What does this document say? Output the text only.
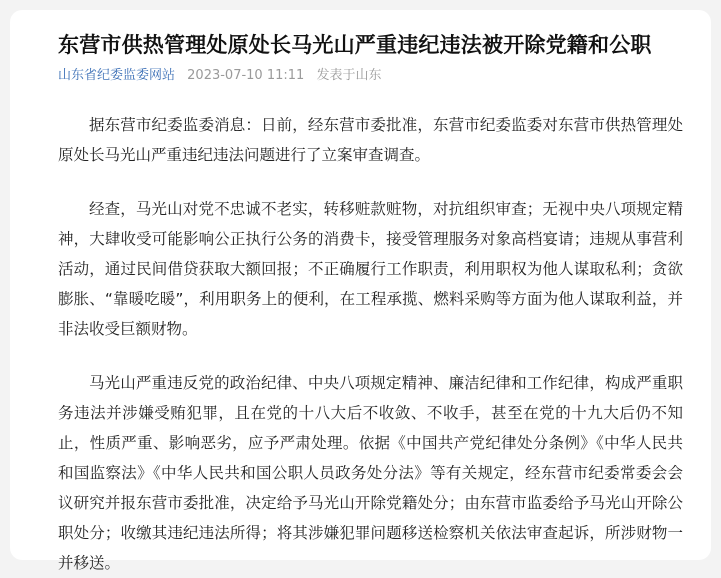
东营市供热管理处原处长马光山严重违纪违法被开除党籍和公职
山东省纪委监委网站 2023-07-10 11:11 发表于山东

据东营市纪委监委消息：日前，经东营市委批准，东营市纪委监委对东营市供热管理处原处长马光山严重违纪违法问题进行了立案审查调查。

经查，马光山对党不忠诚不老实，转移赃款赃物，对抗组织审查；无视中央八项规定精神，大肆收受可能影响公正执行公务的消费卡，接受管理服务对象高档宴请；违规从事营利活动，通过民间借贷获取大额回报；不正确履行工作职责，利用职权为他人谋取私利；贪欲膨胀、“靠暖吃暖”，利用职务上的便利，在工程承揽、燃料采购等方面为他人谋取利益，并非法收受巨额财物。

马光山严重违反党的政治纪律、中央八项规定精神、廉洁纪律和工作纪律，构成严重职务违法并涉嫌受贿犯罪，且在党的十八大后不收敛、不收手，甚至在党的十九大后仍不知止，性质严重、影响恶劣，应予严肃处理。依据《中国共产党纪律处分条例》《中华人民共和国监察法》《中华人民共和国公职人员政务处分法》等有关规定，经东营市纪委常委会会议研究并报东营市委批准，决定给予马光山开除党籍处分；由东营市监委给予马光山开除公职处分；收缴其违纪违法所得；将其涉嫌犯罪问题移送检察机关依法审查起诉，所涉财物一并移送。
